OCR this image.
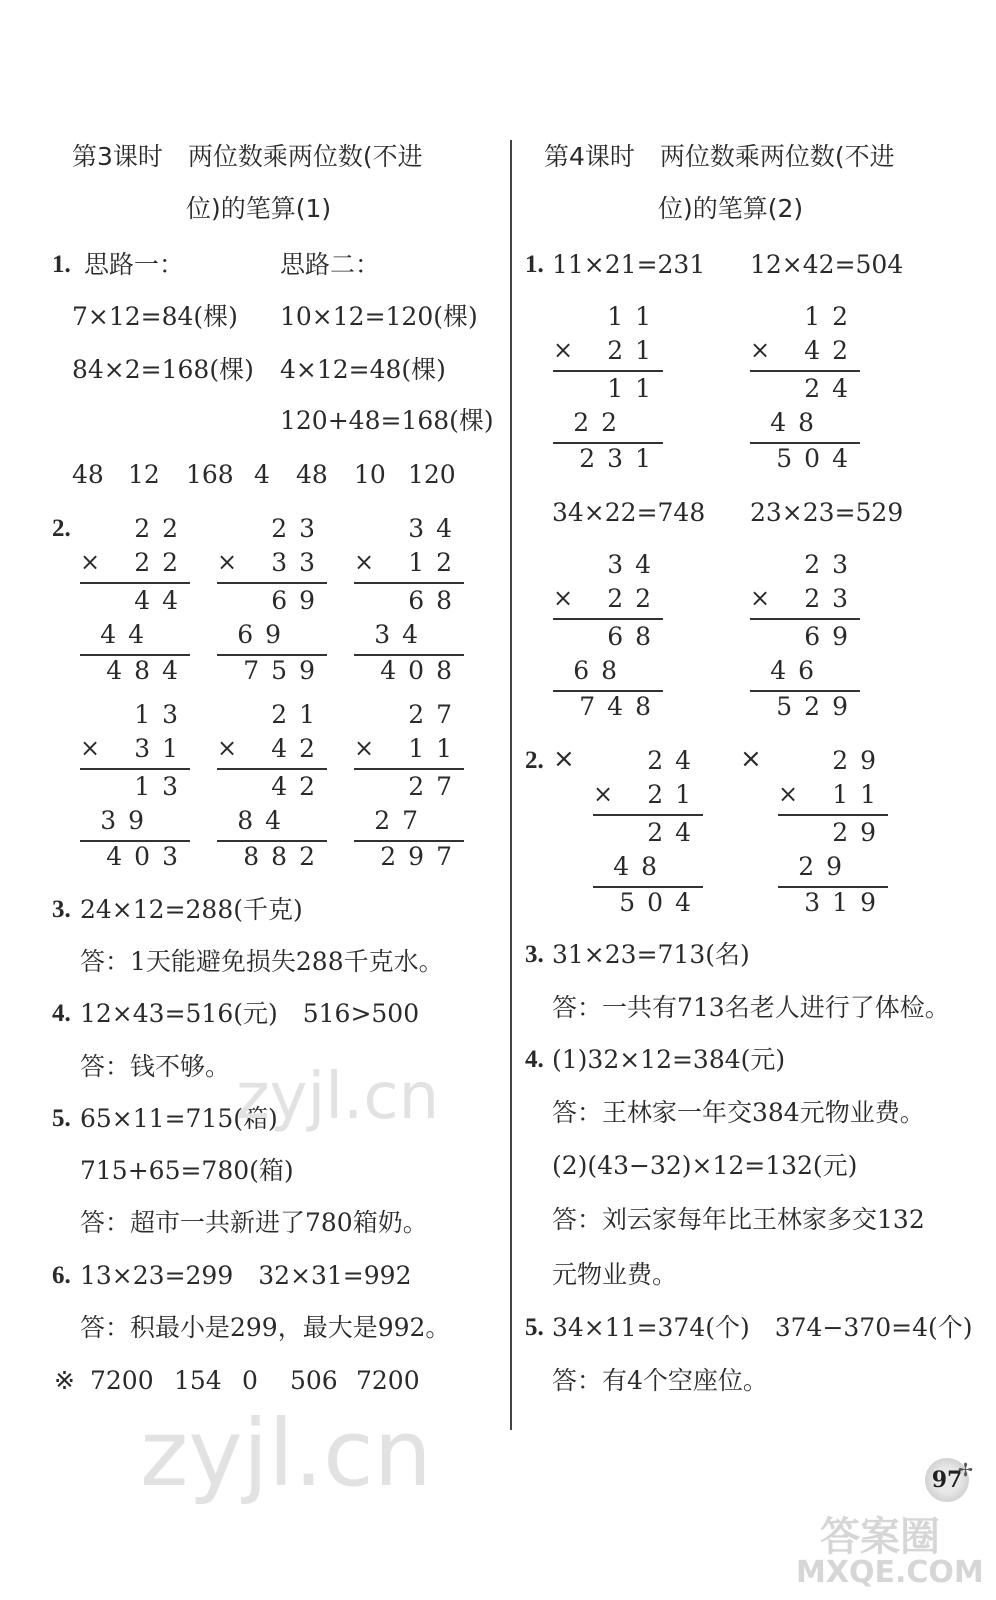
第3课时　两位数乘两位数(不进
位)的笔算(1)
1. 思路一：	思路二：
7×12=84(棵)
84×2=168(棵)
10×12=120(棵)
4×12=48(棵)
120+48=168(棵)
48 12 168 4 48 10 120
2.	22
× 22
44
44
484
23
× 33
69
69
759
34
× 12
68
34
408
13
× 31
13
39
403
21
× 42
42
84
882
27
× 11
27
27
297
3. 24×12=288(千克)
答：1天能避免损失288千克水。
4. 12×43=516(元)　516>500
答：钱不够。
5. 65×11=715(箱)
715+65=780(箱)
答：超市一共新进了780箱奶。
6. 13×23=299　32×31=992
答：积最小是299，最大是992。
※ 7200 154 0 506 7200
第4课时　两位数乘两位数(不进
位)的笔算(2)
1. 11×21=231 12×42=504
11
× 21
11
22
231
12
× 42
24
48
504
34×22=748 23×23=529
34
× 22
68
68
748
23
× 23
69
46
529
2. ×	×
24
× 21
24
48
504
29
× 11
29
29
319
3. 31×23=713(名)
答：一共有713名老人进行了体检。
4. (1)32×12=384(元)
答：王林家一年交384元物业费。
(2)(43−32)×12=132(元)
答：刘云家每年比王林家多交132
元物业费。
5. 34×11=374(个)　374−370=4(个)
答：有4个空座位。
97
✢
zyjl.cn
zyjl.cn
答案圈
MXQE.COM
